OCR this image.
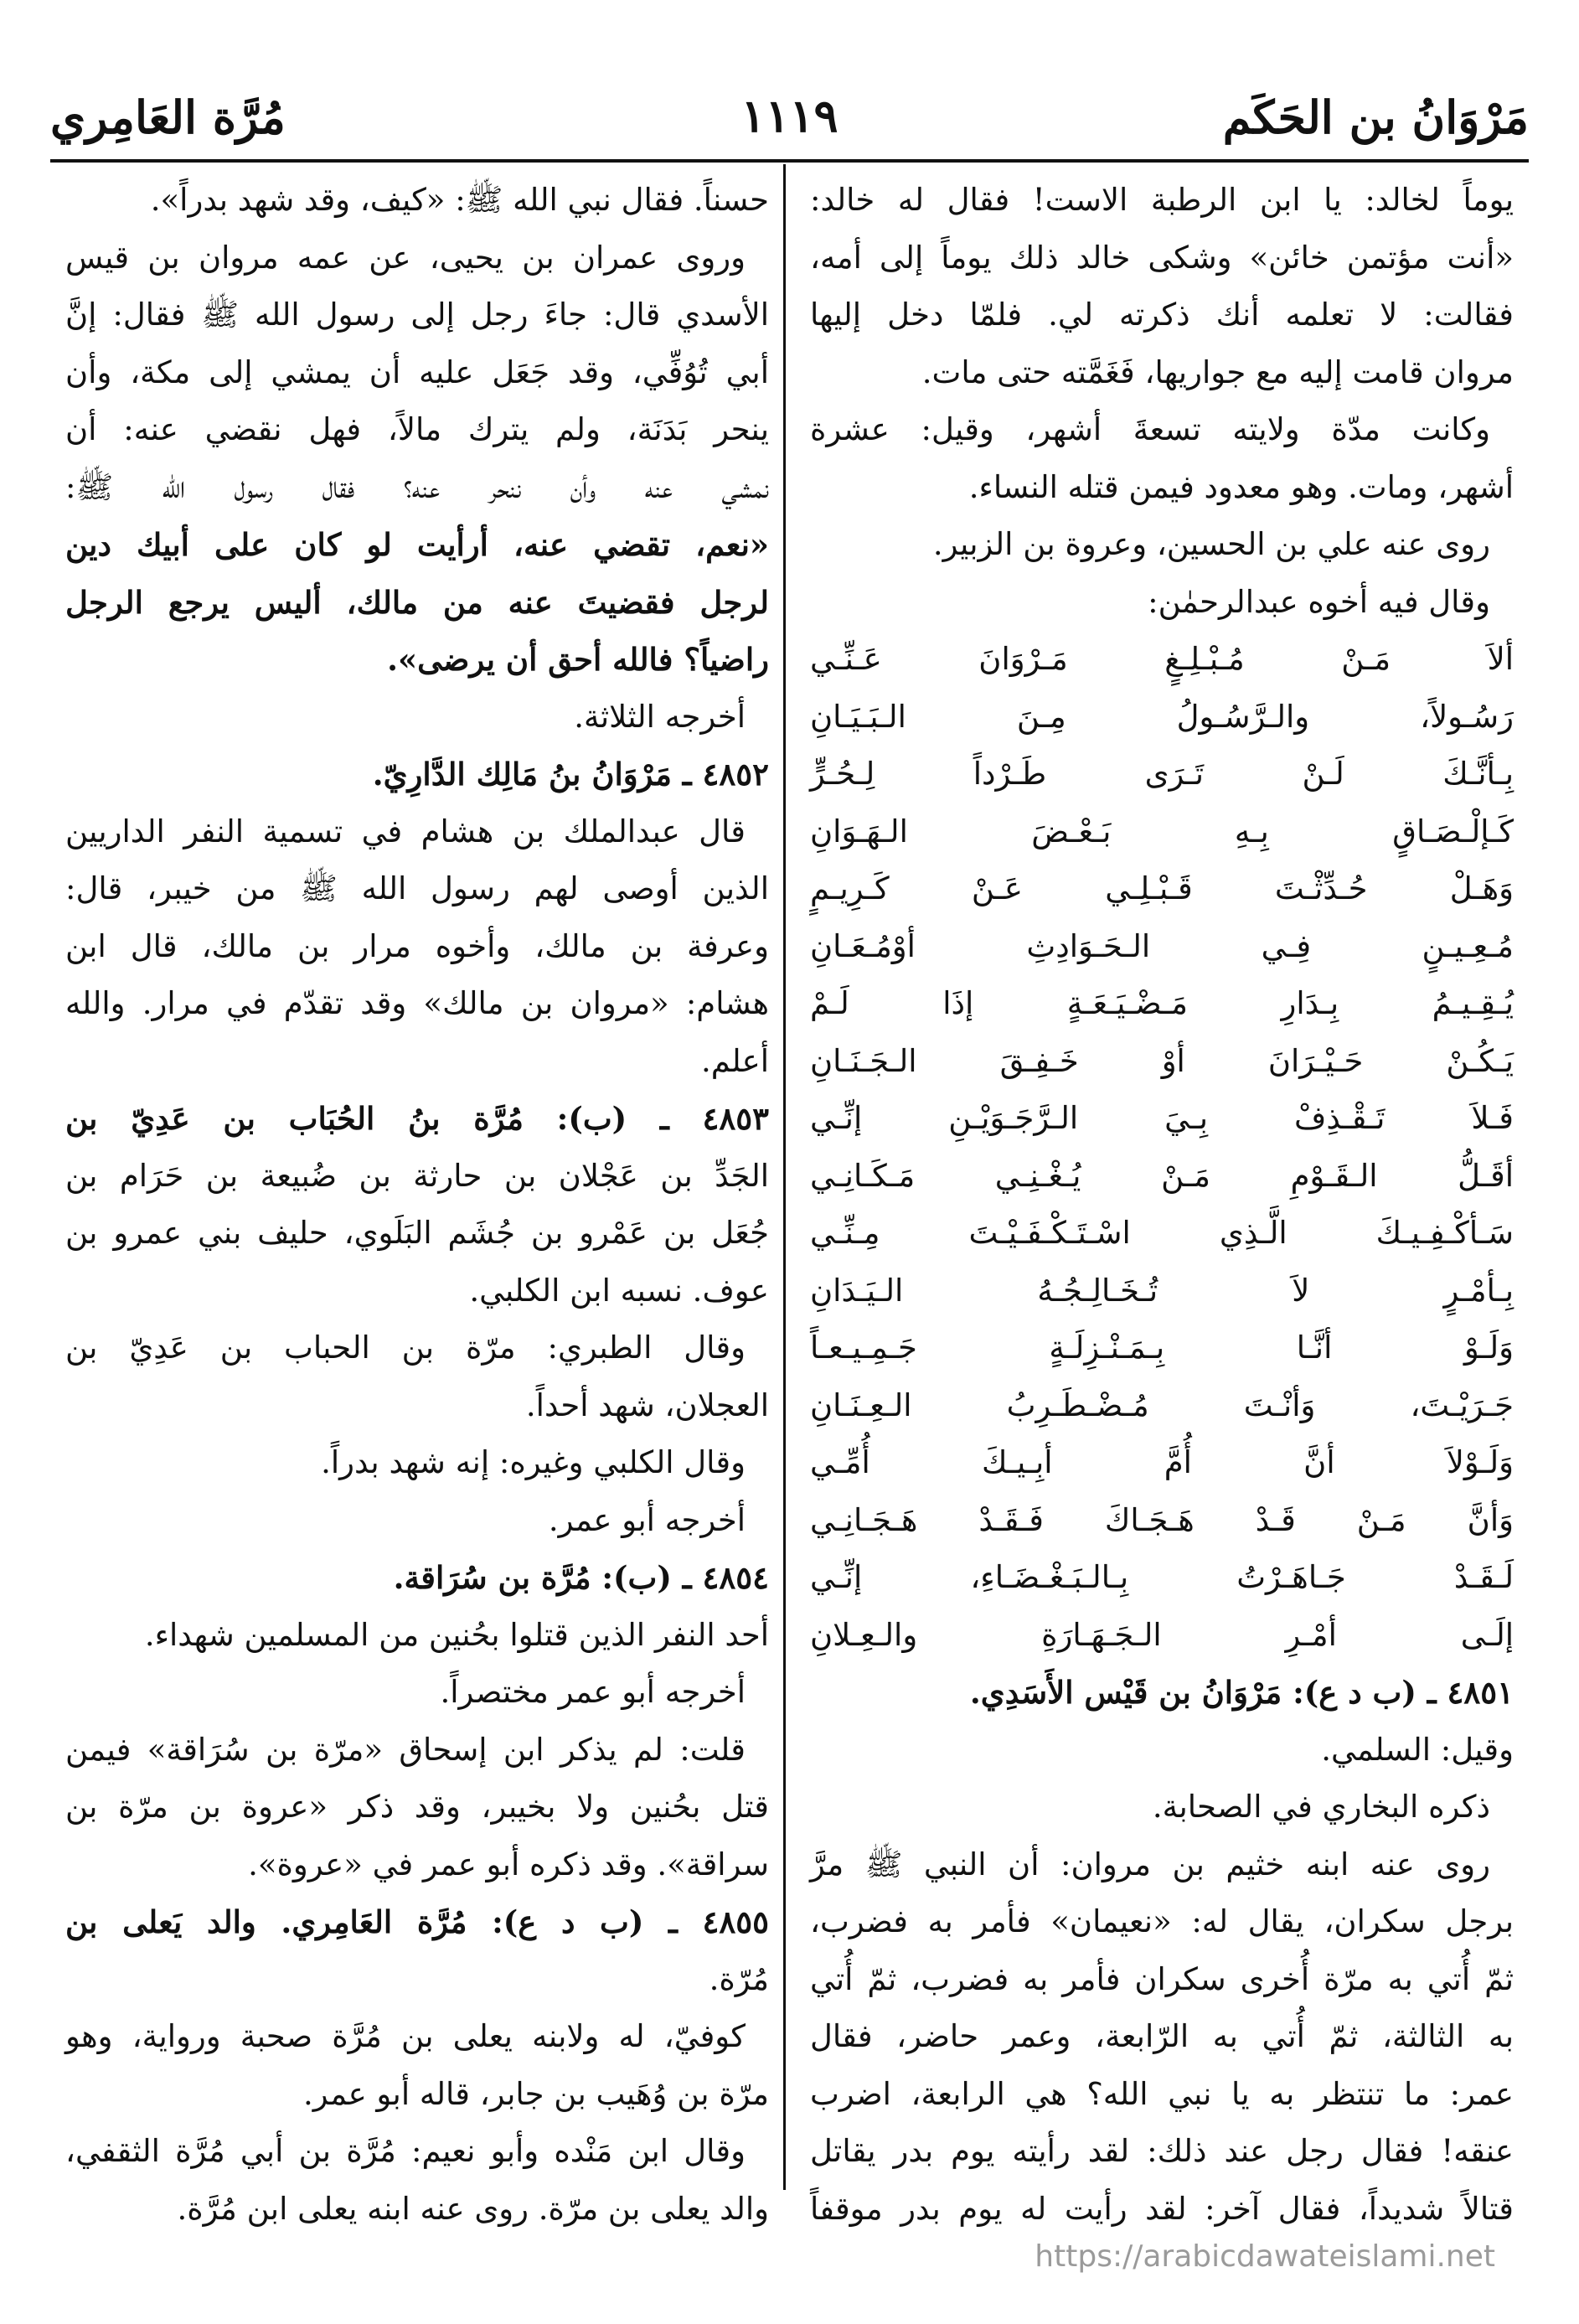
مَرْوَانُ بن الحَكَم
١١١٩
مُرَّة العَامِري
يوماً لخالد: يا ابن الرطبة الاست! فقال له خالد:
«أنت مؤتمن خائن» وشكى خالد ذلك يوماً إلى أمه،
فقالت: لا تعلمه أنك ذكرته لي. فلمّا دخل إليها
مروان قامت إليه مع جواريها، فَغَمَّته حتى مات.
وكانت مدّة ولايته تسعةَ أشهر، وقيل: عشرة
أشهر، ومات. وهو معدود فيمن قتله النساء.
روى عنه علي بن الحسين، وعروة بن الزبير.
وقال فيه أخوه عبدالرحمٰن:
ألاَ مَـنْ مُـبْـلِـغٍ مَـرْوَانَ عَـنِّـي
رَسُـولاً، والـرَّسُـولُ مِـنَ الـبَـيَـانِ
بِـأنَّـكَ لَـنْ تَـرَى طَـرْداً لِـحُـرٍّ
كَـإلْـصَـاقٍ بِـهِ بَـعْـضَ الـهَـوَانِ
وَهَـلْ حُـدِّثْـتَ قَـبْـلِـي عَـنْ كَـرِيـمٍ
مُـعِـيـنٍ فِـي الـحَـوَادِثِ أوْمُـعَـانِ
يُـقِـيـمُ بِـدَارِ مَـضْـيَـعَـةٍ إذَا لَـمْ
يَـكُـنْ حَـيْـرَانَ أوْ خَـفِـقَ الـجَـنَـانِ
فَـلاَ تَـقْـذِفْ بِـيَ الـرَّجَـوَيْـنِ إنِّـي
أقَـلُّ الـقَـوْمِ مَـنْ يُـغْـنِـي مَـكَـانِـي
سَـأكْـفِـيـكَ الَّـذِي اسْـتَـكْـفَـيْـتَ مِـنِّـي
بِـأمْـرٍ لاَ تُـخَـالِـجُـهُ الـيَـدَانِ
وَلَـوْ أنَّـا بِـمَـنْـزِلَـةٍ جَـمِـيـعـاً
جَـرَيْـتَ، وَأنْـتَ مُـضْـطَـرِبُ الـعِـنَـانِ
وَلَـوْلاَ أنَّ أُمَّ أبِـيـكَ أُمِّـي
وَأنَّ مَـنْ قَـدْ هَـجَـاكَ فَـقَـدْ هَـجَـانِـي
لَـقَـدْ جَـاهَـرْتُ بِـالـبَـغْـضَـاءِ، إنِّـي
إلَـى أمْـرِ الـجَـهَـارَةِ والـعِـلانِ
٤٨٥١ ـ (ب د ع): مَرْوَانُ بن قَيْس الأَسَدِي.
وقيل: السلمي.
ذكره البخاري في الصحابة.
روى عنه ابنه خثيم بن مروان: أن النبي ﷺ مرَّ
برجل سكران، يقال له: «نعيمان» فأمر به فضرب،
ثمّ أُتي به مرّة أُخرى سكران فأمر به فضرب، ثمّ أُتي
به الثالثة، ثمّ أُتي به الرّابعة، وعمر حاضر، فقال
عمر: ما تنتظر به يا نبي الله؟ هي الرابعة، اضرب
عنقه! فقال رجل عند ذلك: لقد رأيته يوم بدر يقاتل
قتالاً شديداً، فقال آخر: لقد رأيت له يوم بدر موقفاً
حسناً. فقال نبي الله ﷺ: «كيف، وقد شهد بدراً».
وروى عمران بن يحيى، عن عمه مروان بن قيس
الأسدي قال: جاءَ رجل إلى رسول الله ﷺ فقال: إنَّ
أبي تُوُفِّي، وقد جَعَل عليه أن يمشي إلى مكة، وأن
ينحر بَدَنَة، ولم يترك مالاً، فهل نقضي عنه: أن
نمشي عنه وأن ننحر عنه؟ فقال رسول الله ﷺ:
«نعم، تقضي عنه، أرأيت لو كان على أبيك دين
لرجل فقضيتَ عنه من مالك، أليس يرجع الرجل
راضياً؟ فالله أحق أن يرضى».
أخرجه الثلاثة.
٤٨٥٢ ـ مَرْوَانُ بنُ مَالِك الدَّارِيّ.
قال عبدالملك بن هشام في تسمية النفر الداريين
الذين أوصى لهم رسول الله ﷺ من خيبر، قال:
وعرفة بن مالك، وأخوه مرار بن مالك، قال ابن
هشام: «مروان بن مالك» وقد تقدّم في مرار. والله
أعلم.
٤٨٥٣ ـ (ب): مُرَّة بنُ الحُبَاب بن عَدِيّ بن
الجَدِّ بن عَجْلان بن حارثة بن ضُبيعة بن حَرَام بن
جُعَل بن عَمْرو بن جُشَم البَلَوي، حليف بني عمرو بن
عوف. نسبه ابن الكلبي.
وقال الطبري: مرّة بن الحباب بن عَدِيّ بن
العجلان، شهد أحداً.
وقال الكلبي وغيره: إنه شهد بدراً.
أخرجه أبو عمر.
٤٨٥٤ ـ (ب): مُرَّة بن سُرَاقة.
أحد النفر الذين قتلوا بحُنين من المسلمين شهداء.
أخرجه أبو عمر مختصراً.
قلت: لم يذكر ابن إسحاق «مرّة بن سُرَاقة» فيمن
قتل بحُنين ولا بخيبر، وقد ذكر «عروة بن مرّة بن
سراقة». وقد ذكره أبو عمر في «عروة».
٤٨٥٥ ـ (ب د ع): مُرَّة العَامِري. والد يَعلى بن
مُرّة.
كوفيّ، له ولابنه يعلى بن مُرَّة صحبة ورواية، وهو
مرّة بن وُهَيب بن جابر، قاله أبو عمر.
وقال ابن مَنْده وأبو نعيم: مُرَّة بن أبي مُرَّة الثقفي،
والد يعلى بن مرّة. روى عنه ابنه يعلى ابن مُرَّة.
https://arabicdawateislami.net
